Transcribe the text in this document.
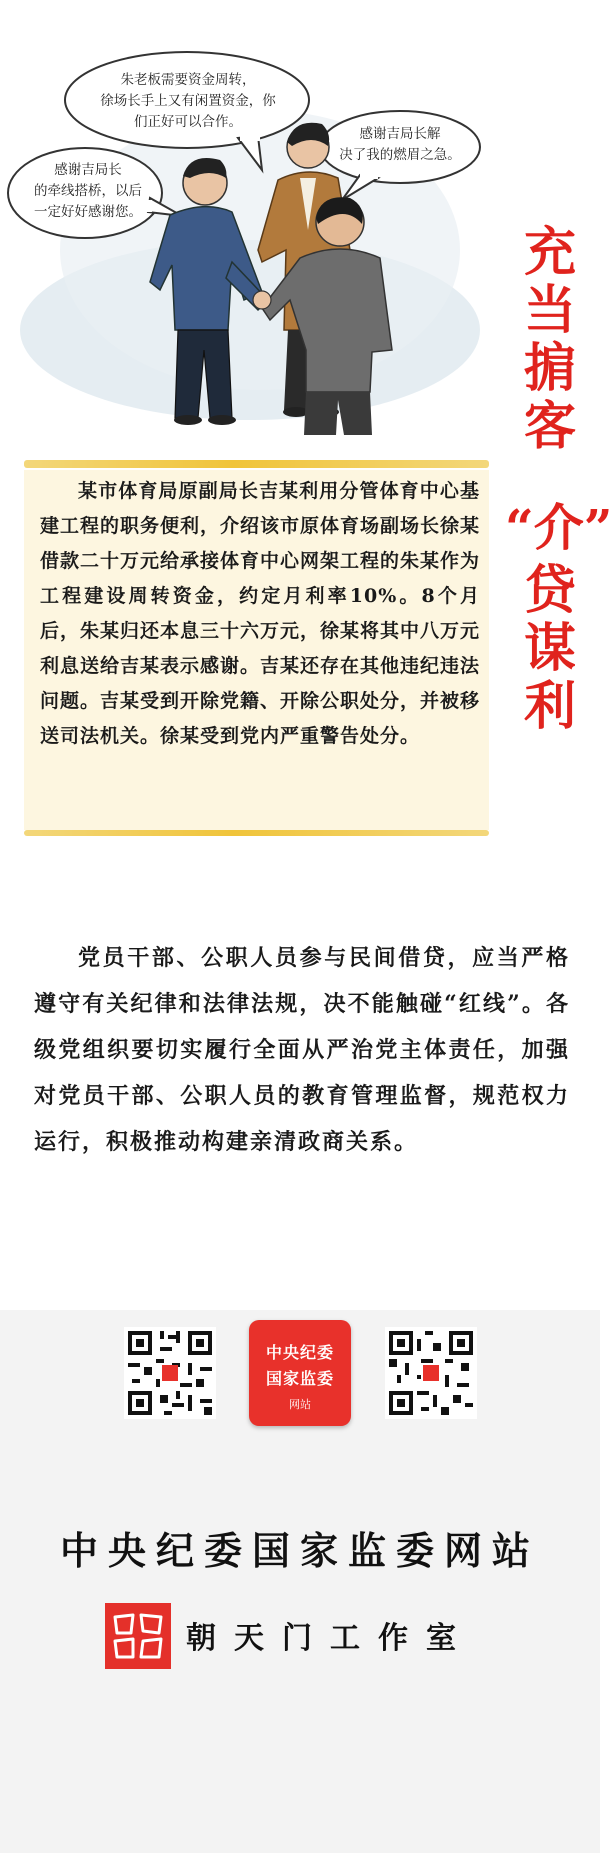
朱老板需要资金周转，
徐场长手上又有闲置资金，你
们正好可以合作。
感谢吉局长
的牵线搭桥，以后
一定好好感谢您。
感谢吉局长解
决了我的燃眉之急。
充
当
掮
客
“介”
贷
谋
利
某市体育局原副局长吉某利用分管体育中心基建工程的职务便利，介绍该市原体育场副场长徐某借款二十万元给承接体育中心网架工程的朱某作为工程建设周转资金，约定月利率10%。8个月后，朱某归还本息三十六万元，徐某将其中八万元利息送给吉某表示感谢。吉某还存在其他违纪违法问题。吉某受到开除党籍、开除公职处分，并被移送司法机关。徐某受到党内严重警告处分。
党员干部、公职人员参与民间借贷，应当严格遵守有关纪律和法律法规，决不能触碰“红线”。各级党组织要切实履行全面从严治党主体责任，加强对党员干部、公职人员的教育管理监督，规范权力运行，积极推动构建亲清政商关系。
中央纪委
国家监委
网站
中央纪委国家监委网站
朝天门工作室
